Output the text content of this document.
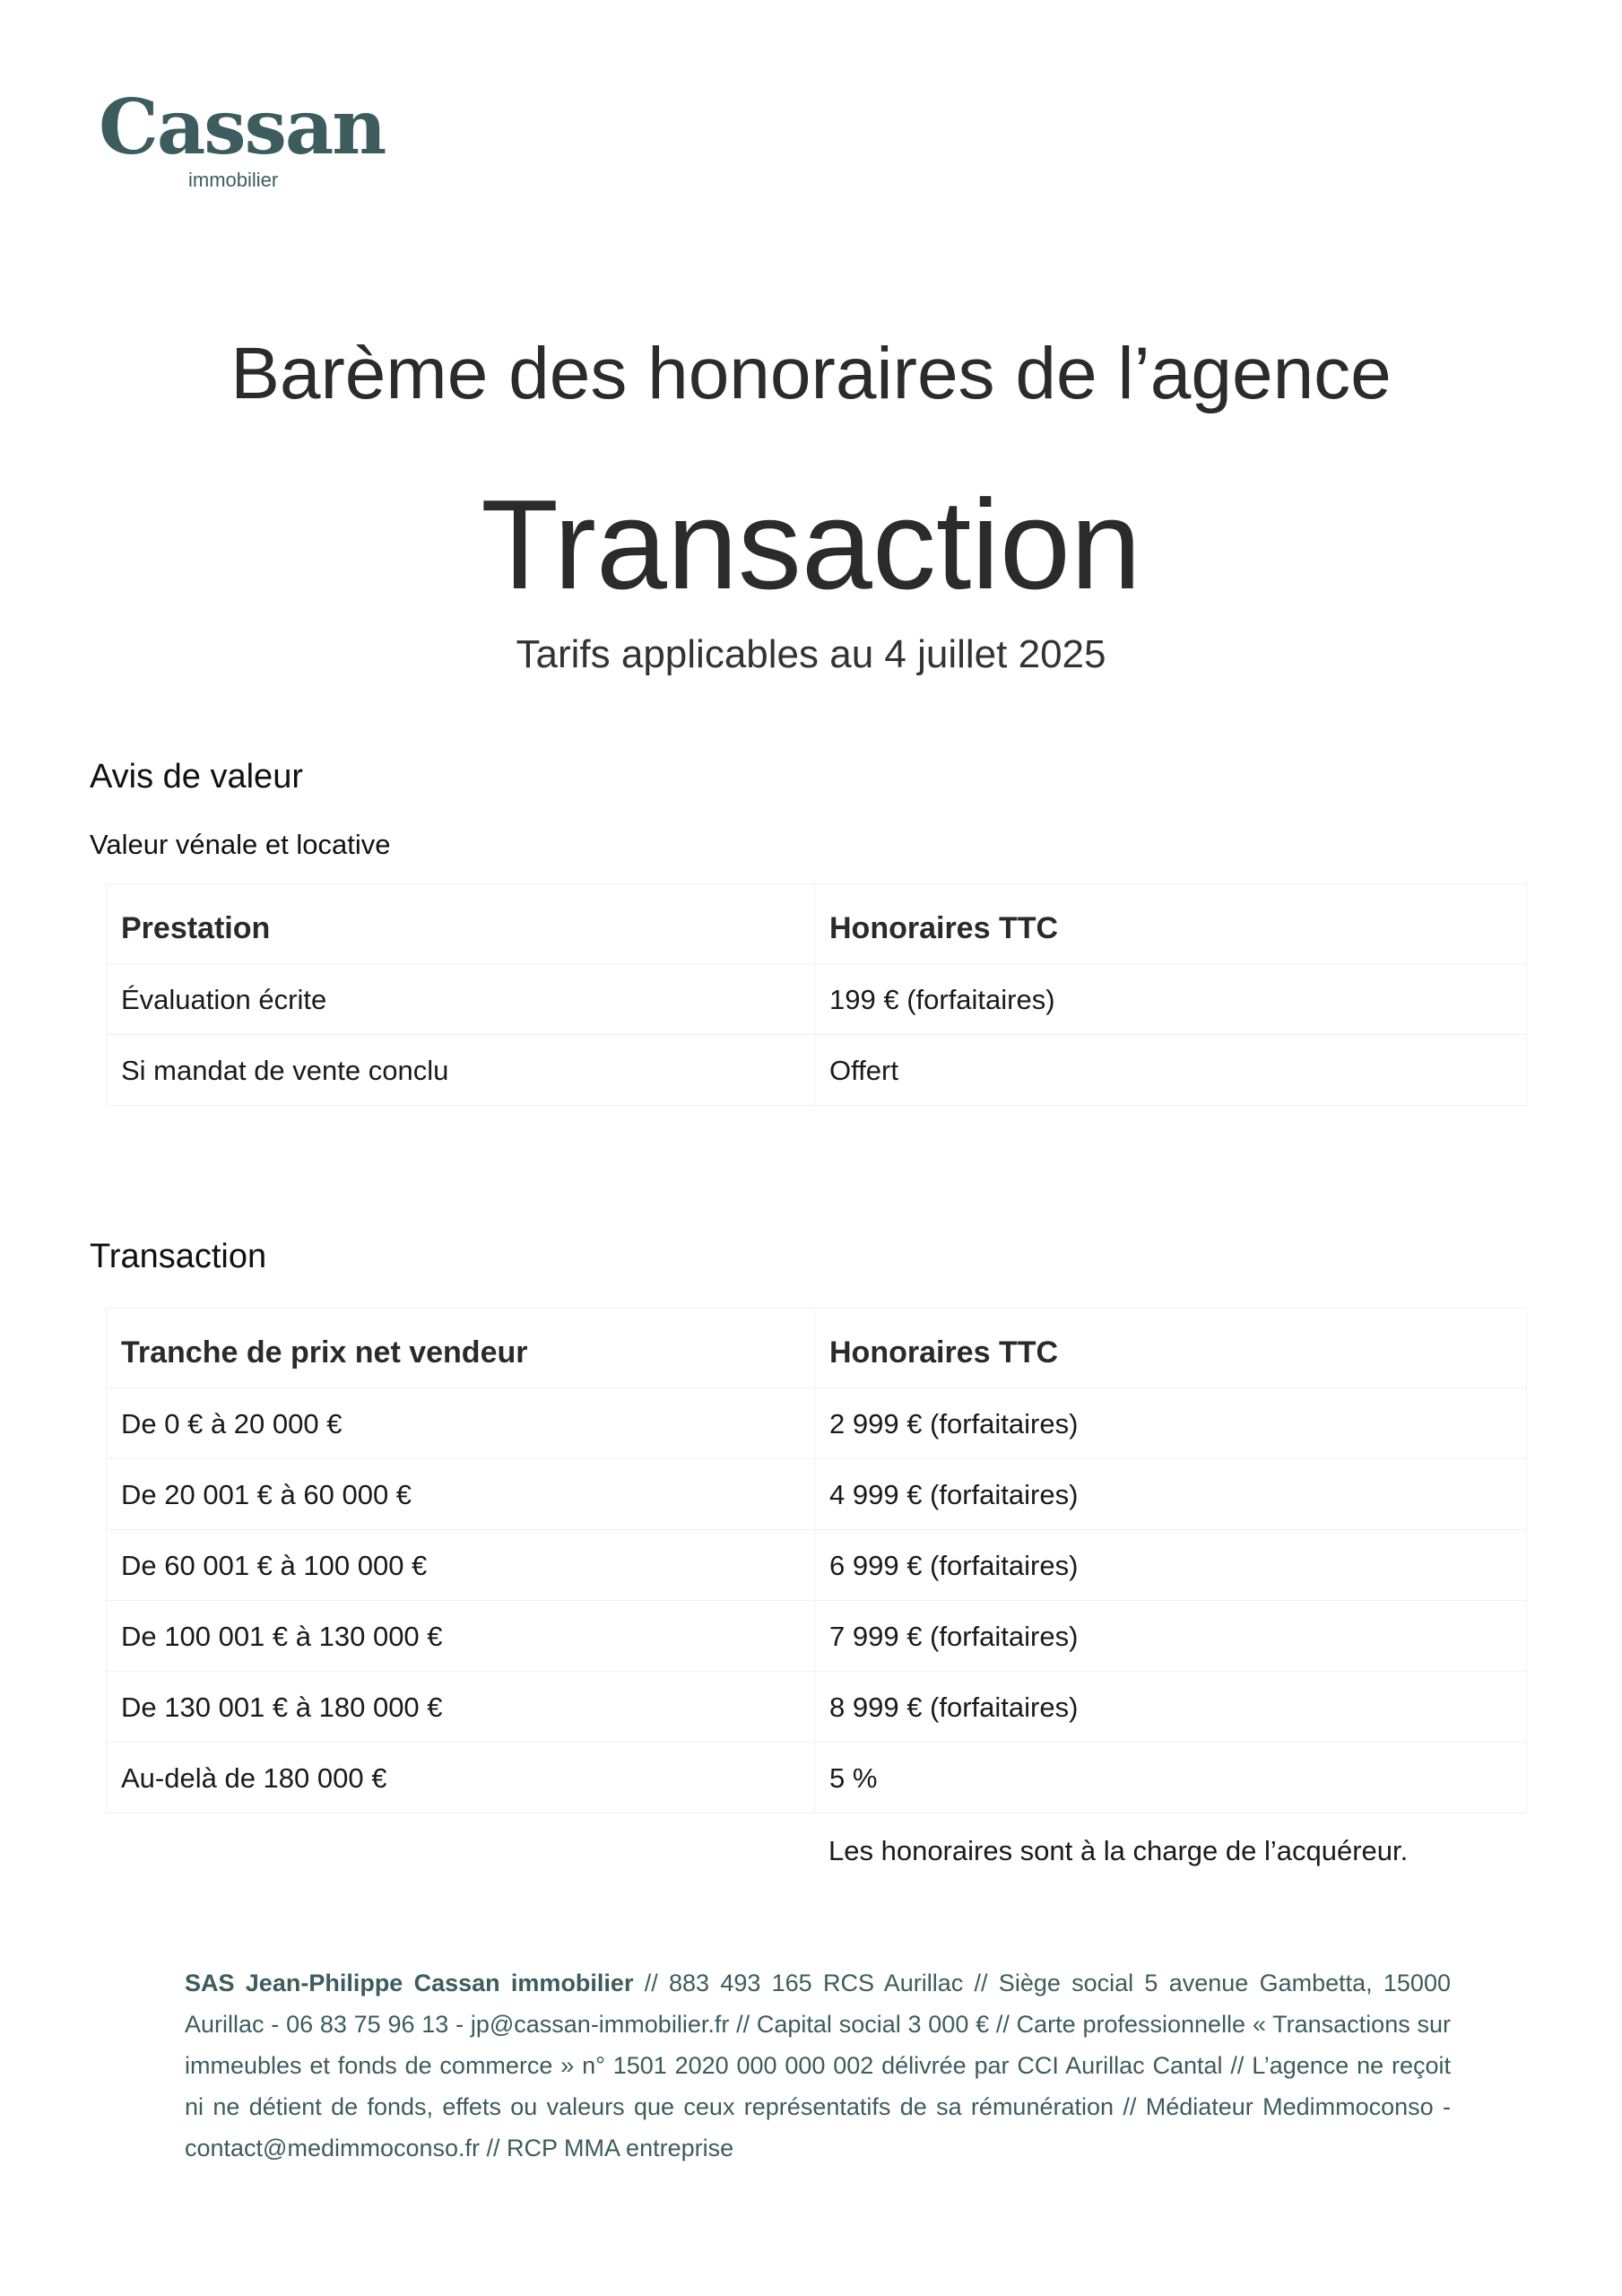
Cassan
immobilier
Barème des honoraires de l’agence
Transaction
Tarifs applicables au 4 juillet 2025
Avis de valeur
Valeur vénale et locative
Prestation	Honoraires TTC
Évaluation écrite	199 € (forfaitaires)
Si mandat de vente conclu	Offert
Transaction
Tranche de prix net vendeur	Honoraires TTC
De 0 € à 20 000 €	2 999 € (forfaitaires)
De 20 001 € à 60 000 €	4 999 € (forfaitaires)
De 60 001 € à 100 000 €	6 999 € (forfaitaires)
De 100 001 € à 130 000 €	7 999 € (forfaitaires)
De 130 001 € à 180 000 €	8 999 € (forfaitaires)
Au-delà de 180 000 €	5 %
Les honoraires sont à la charge de l’acquéreur.
SAS Jean-Philippe Cassan immobilier // 883 493 165 RCS Aurillac // Siège social 5 avenue Gambetta, 15000 Aurillac - 06 83 75 96 13 - jp@cassan-immobilier.fr // Capital social 3 000 € // Carte professionnelle « Transactions sur immeubles et fonds de commerce » n° 1501 2020 000 000 002 délivrée par CCI Aurillac Cantal // L’agence ne reçoit ni ne détient de fonds, effets ou valeurs que ceux représentatifs de sa rémunération // Médiateur Medimmoconso - contact@medimmoconso.fr // RCP MMA entreprise
